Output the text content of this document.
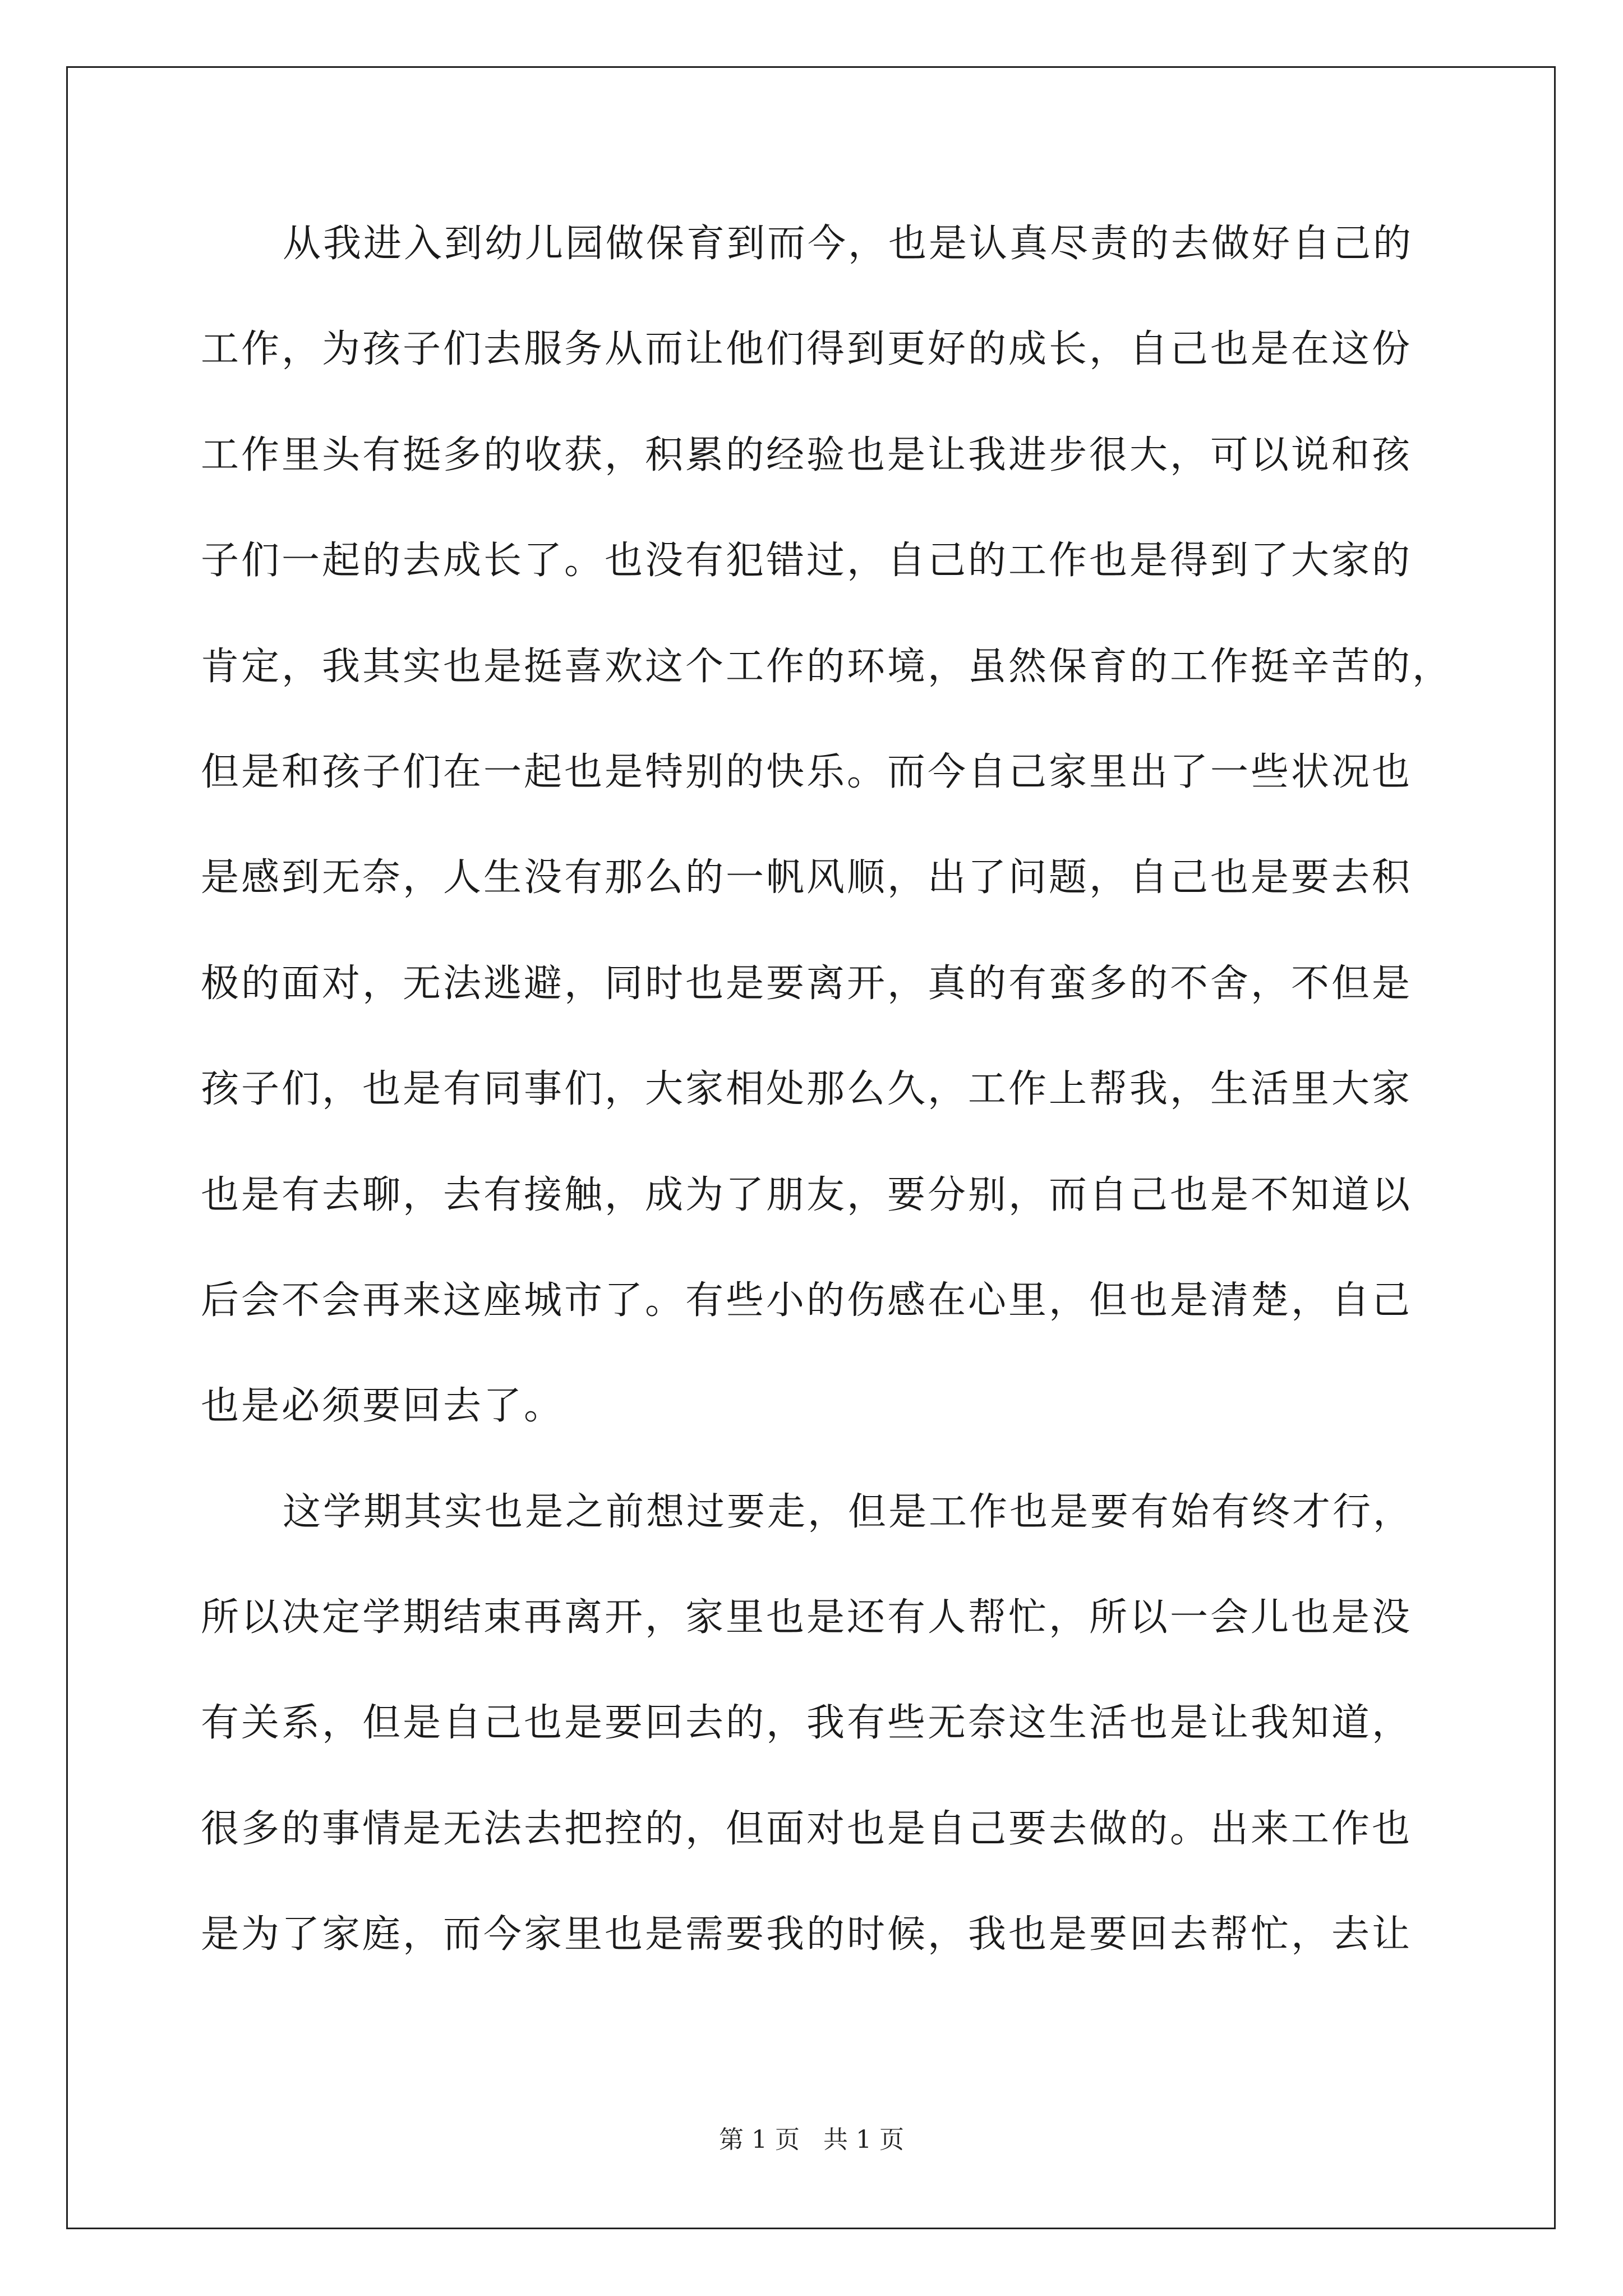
从我进入到幼儿园做保育到而今，也是认真尽责的去做好自己的
工作，为孩子们去服务从而让他们得到更好的成长，自己也是在这份
工作里头有挺多的收获，积累的经验也是让我进步很大，可以说和孩
子们一起的去成长了。也没有犯错过，自己的工作也是得到了大家的
肯定，我其实也是挺喜欢这个工作的环境，虽然保育的工作挺辛苦的，
但是和孩子们在一起也是特别的快乐。而今自己家里出了一些状况也
是感到无奈，人生没有那么的一帆风顺，出了问题，自己也是要去积
极的面对，无法逃避，同时也是要离开，真的有蛮多的不舍，不但是
孩子们，也是有同事们，大家相处那么久，工作上帮我，生活里大家
也是有去聊，去有接触，成为了朋友，要分别，而自己也是不知道以
后会不会再来这座城市了。有些小的伤感在心里，但也是清楚，自己
也是必须要回去了。
这学期其实也是之前想过要走，但是工作也是要有始有终才行，
所以决定学期结束再离开，家里也是还有人帮忙，所以一会儿也是没
有关系，但是自己也是要回去的，我有些无奈这生活也是让我知道，
很多的事情是无法去把控的，但面对也是自己要去做的。出来工作也
是为了家庭，而今家里也是需要我的时候，我也是要回去帮忙，去让
第 1 页 共 1 页
